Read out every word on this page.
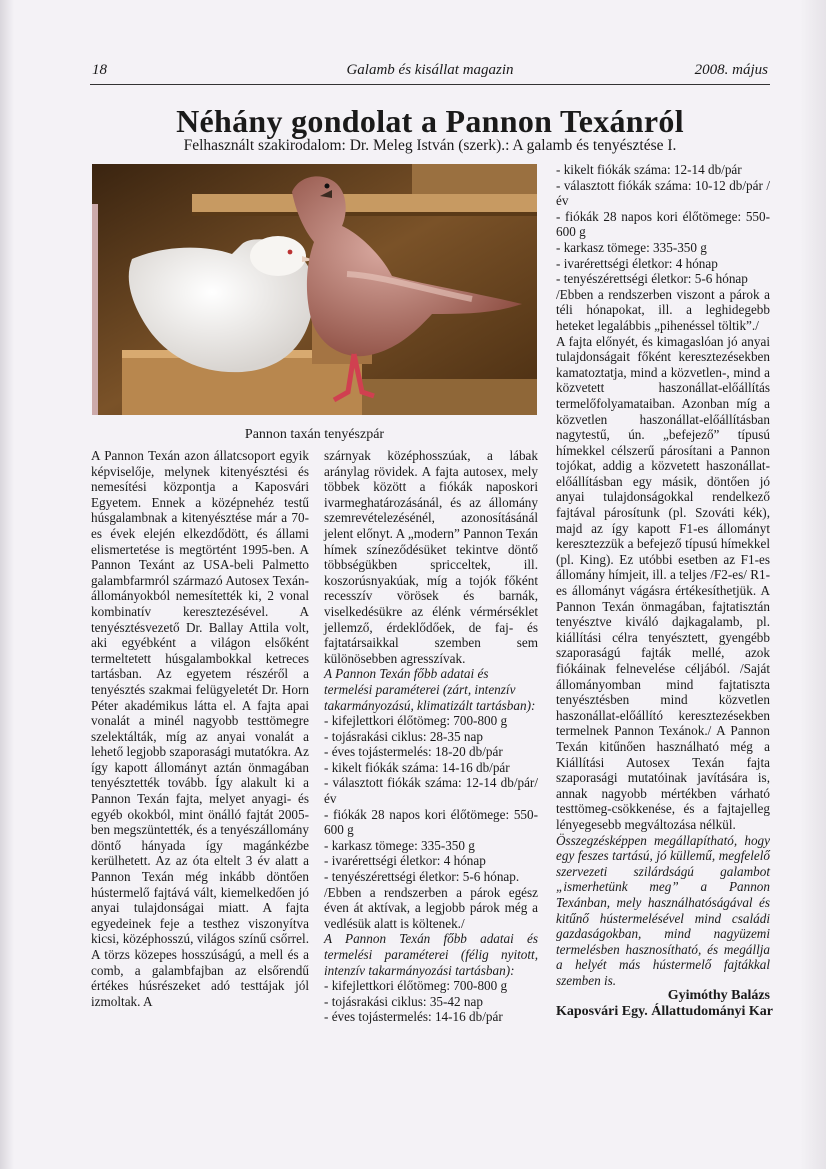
18	Galamb és kisállat magazin	2008. május
Néhány gondolat a Pannon Texánról
Felhasznált szakirodalom: Dr. Meleg István (szerk).: A galamb és tenyésztése I.
Pannon taxán tenyészpár

A Pannon Texán azon állatcsoport egyik képviselője, melynek kitenyésztési és nemesítési központja a Kaposvári Egyetem. Ennek a középnehéz testű húsgalambnak a kitenyésztése már a 70-es évek elején elkezdődött, és állami elismertetése is megtörtént 1995-ben. A Pannon Texánt az USA-beli Palmetto galambfarmról származó Autosex Texán-állományokból nemesítették ki, 2 vonal kombinatív keresztezésével. A tenyésztésvezető Dr. Ballay Attila volt, aki egyébként a világon elsőként termeltetett húsgalambokkal ketreces tartásban. Az egyetem részéről a tenyésztés szakmai felügyeletét Dr. Horn Péter akadémikus látta el. A fajta apai vonalát a minél nagyobb testtömegre szelektálták, míg az anyai vonalát a lehető legjobb szaporasági mutatókra. Az így kapott állományt aztán önmagában tenyésztették tovább. Így alakult ki a Pannon Texán fajta, melyet anyagi- és egyéb okokból, mint önálló fajtát 2005-ben megszüntették, és a tenyészállomány döntő hányada így magánkézbe kerülhetett. Az az óta eltelt 3 év alatt a Pannon Texán még inkább döntően hústermelő fajtává vált, kiemelkedően jó anyai tulajdonságai miatt. A fajta egyedeinek feje a testhez viszonyítva kicsi, középhosszú, világos színű csőrrel. A törzs közepes hosszúságú, a mell és a comb, a galambfajban az elsőrendű értékes húsrészeket adó testtájak jól izmoltak. A

szárnyak középhosszúak, a lábak aránylag rövidek. A fajta autosex, mely többek között a fiókák naposkori ivarmeghatározásánál, és az állomány szemrevételezésénél, azonosításánál jelent előnyt. A „modern” Pannon Texán hímek színeződésüket tekintve döntő többségükben spricceltek, ill. koszorúsnyakúak, míg a tojók főként recesszív vörösek és barnák, viselkedésükre az élénk vérmérséklet jellemző, érdeklődőek, de faj- és fajtatársaikkal szemben sem különösebben agresszívak.

A Pannon Texán főbb adatai és termelési paraméterei (zárt, intenzív takarmányozású, klimatizált tartásban):

- kifejlettkori élőtömeg: 700-800 g

- tojásrakási ciklus: 28-35 nap

- éves tojástermelés: 18-20 db/pár

- kikelt fiókák száma: 14-16 db/pár

- választott fiókák száma: 12-14 db/pár/év

- fiókák 28 napos kori élőtömege: 550-600 g

- karkasz tömege: 335-350 g

- ivarérettségi életkor: 4 hónap

- tenyészérettségi életkor: 5-6 hónap.

/Ebben a rendszerben a párok egész éven át aktívak, a legjobb párok még a vedlésük alatt is költenek./

A Pannon Texán főbb adatai és termelési paraméterei (félig nyitott, intenzív takarmányozási tartásban):

- kifejlettkori élőtömeg: 700-800 g

- tojásrakási ciklus: 35-42 nap

- éves tojástermelés: 14-16 db/pár

- kikelt fiókák száma: 12-14 db/pár

- választott fiókák száma: 10-12 db/pár /év

- fiókák 28 napos kori élőtömege: 550-600 g

- karkasz tömege: 335-350 g

- ivarérettségi életkor: 4 hónap

- tenyészérettségi életkor: 5-6 hónap

/Ebben a rendszerben viszont a párok a téli hónapokat, ill. a leghidegebb heteket legalábbis „pihenéssel töltik”./

A fajta előnyét, és kimagaslóan jó anyai tulajdonságait főként keresztezésekben kamatoztatja, mind a közvetlen-, mind a közvetett haszonállat-előállítás termelőfolyamataiban. Azonban míg a közvetlen haszonállat-előállításban nagytestű, ún. „befejező” típusú hímekkel célszerű párosítani a Pannon tojókat, addig a közvetett haszonállat-előállításban egy másik, döntően jó anyai tulajdonságokkal rendelkező fajtával párosítunk (pl. Szováti kék), majd az így kapott F1-es állományt keresztezzük a befejező típusú hímekkel (pl. King). Ez utóbbi esetben az F1-es állomány hímjeit, ill. a teljes /F2-es/ R1-es állományt vágásra értékesíthetjük. A Pannon Texán önmagában, fajtatisztán tenyésztve kiváló dajkagalamb, pl. kiállítási célra tenyésztett, gyengébb szaporaságú fajták mellé, azok fiókáinak felnevelése céljából. /Saját állományomban mind fajtatiszta tenyésztésben mind közvetlen haszonállat-előállító keresztezésekben termelnek Pannon Texánok./ A Pannon Texán kitűnően használható még a Kiállítási Autosex Texán fajta szaporasági mutatóinak javítására is, annak nagyobb mértékben várható testtömeg-csökkenése, és a fajtajelleg lényegesebb megváltozása nélkül.

Összegzésképpen megállapítható, hogy egy feszes tartású, jó küllemű, megfelelő szervezeti szilárdságú galambot „ismerhetünk meg” a Pannon Texánban, mely használhatóságával és kitűnő hústermelésével mind családi gazdaságokban, mind nagyüzemi termelésben hasznosítható, és megállja a helyét más hústermelő fajtákkal szemben is.

Gyimóthy Balázs

Kaposvári Egy. Állattudományi Kar
